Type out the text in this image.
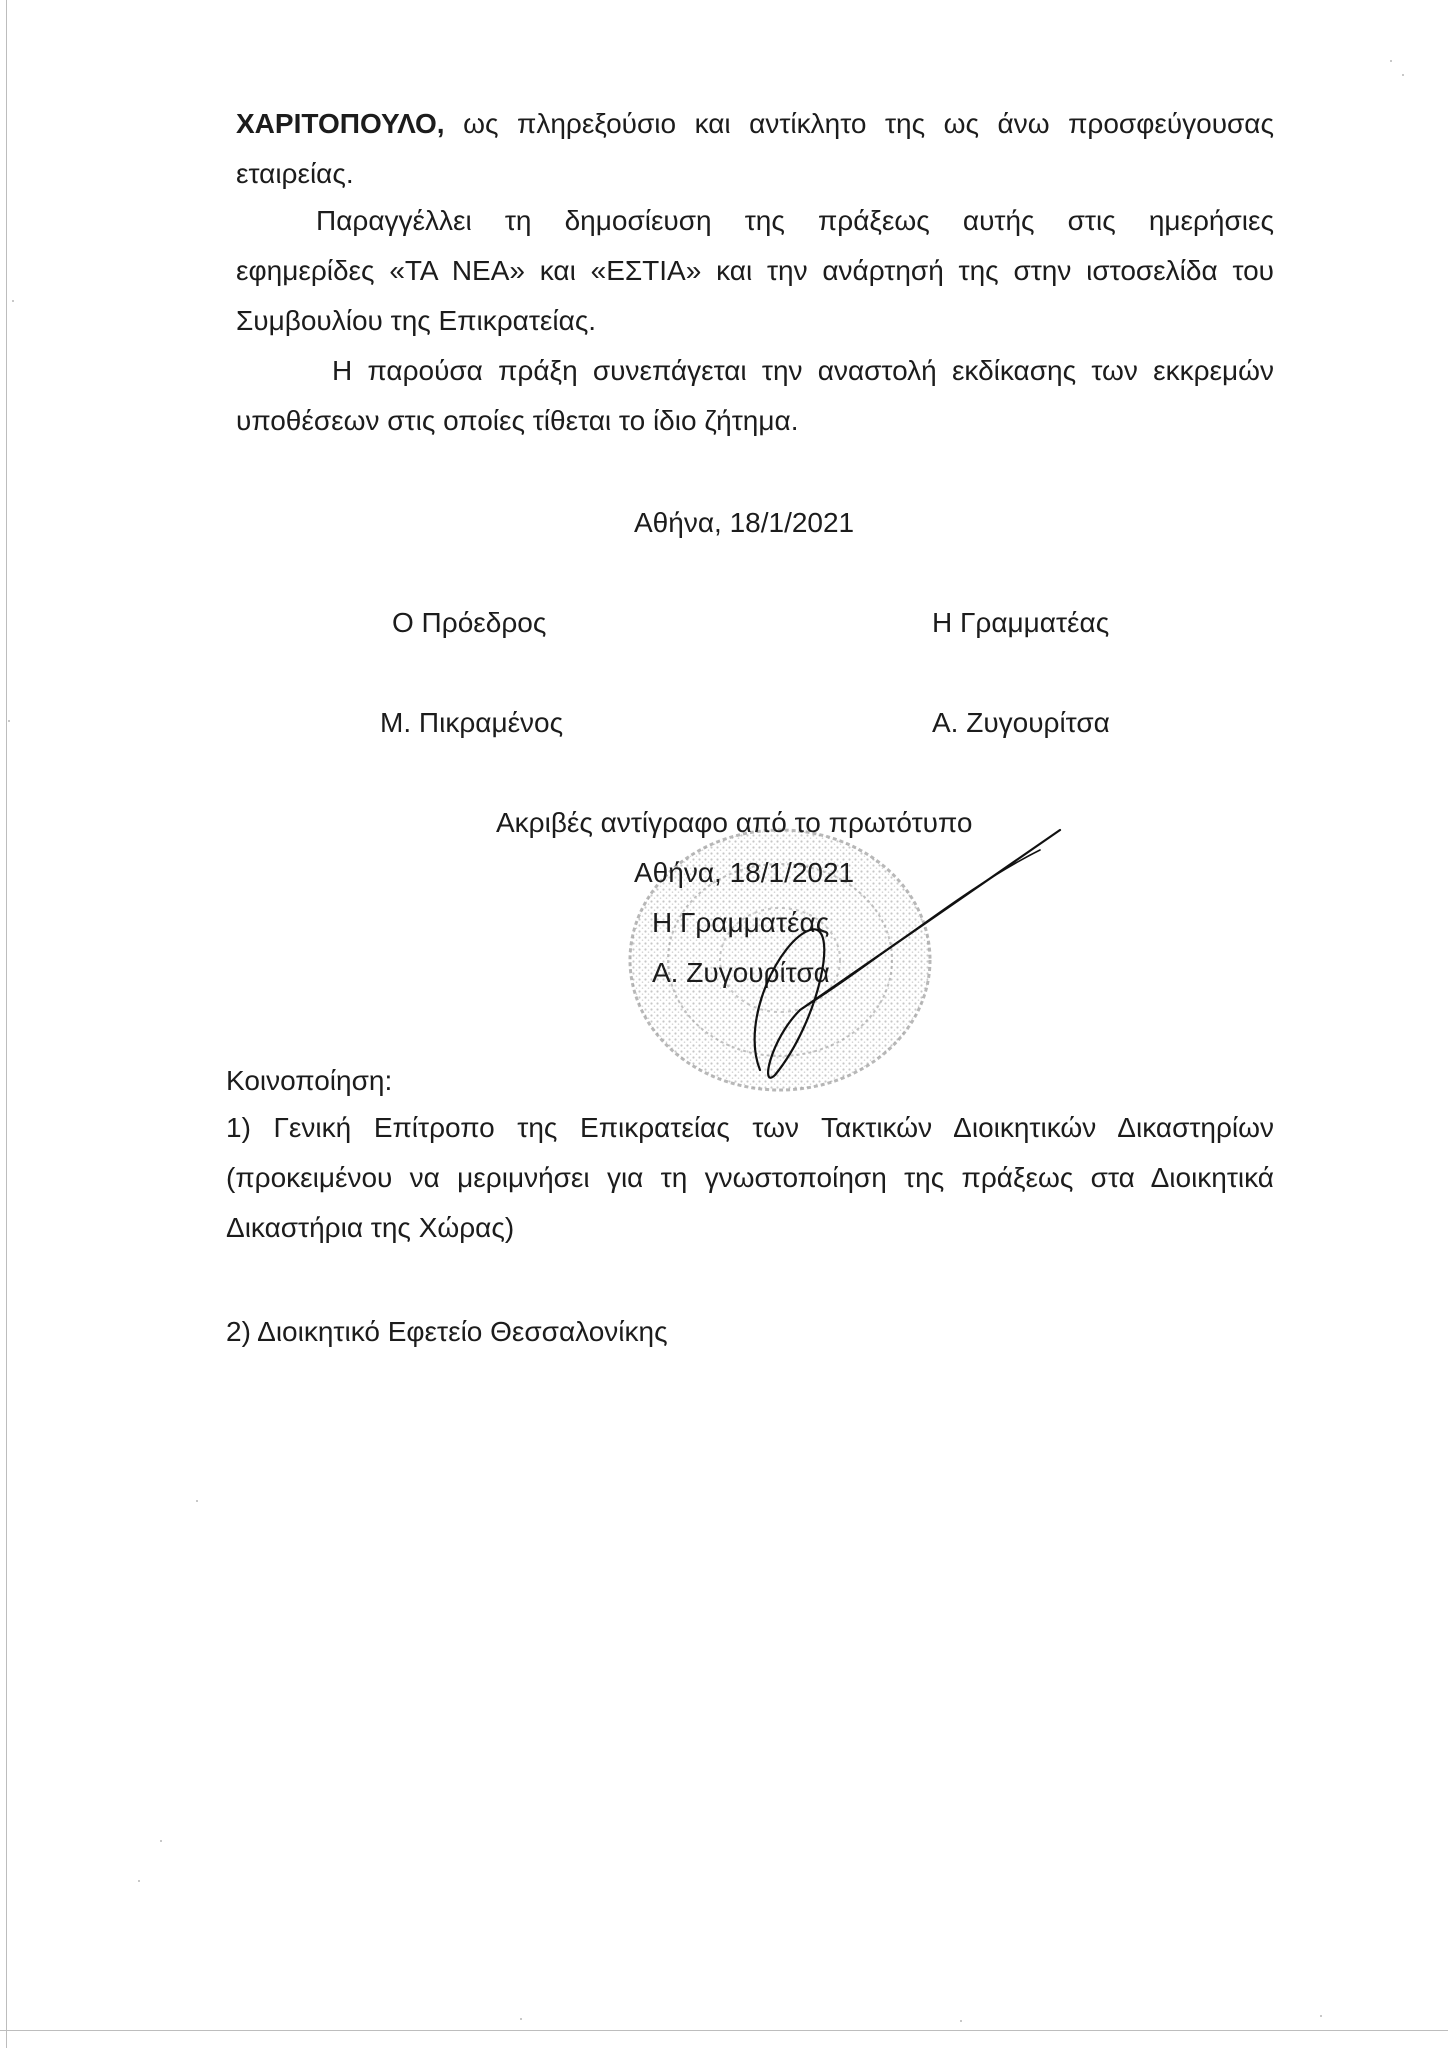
ΧΑΡΙΤΟΠΟΥΛΟ, ως πληρεξούσιο και αντίκλητο της ως άνω προσφεύγουσας
εταιρείας.
Παραγγέλλει τη δημοσίευση της πράξεως αυτής στις ημερήσιες
εφημερίδες «ΤΑ ΝΕΑ» και «ΕΣΤΙΑ» και την ανάρτησή της στην ιστοσελίδα του
Συμβουλίου της Επικρατείας.
Η παρούσα πράξη συνεπάγεται την αναστολή εκδίκασης των εκκρεμών
υποθέσεων στις οποίες τίθεται το ίδιο ζήτημα.
Αθήνα, 18/1/2021
Ο Πρόεδρος	Η Γραμματέας
Μ. Πικραμένος	Α. Ζυγουρίτσα
Ακριβές αντίγραφο από το πρωτότυπο
Αθήνα, 18/1/2021
Η Γραμματέας
Α. Ζυγουρίτσα
Κοινοποίηση:
1) Γενική Επίτροπο της Επικρατείας των Τακτικών Διοικητικών Δικαστηρίων
(προκειμένου να μεριμνήσει για τη γνωστοποίηση της πράξεως στα Διοικητικά
Δικαστήρια της Χώρας)
2) Διοικητικό Εφετείο Θεσσαλονίκης
